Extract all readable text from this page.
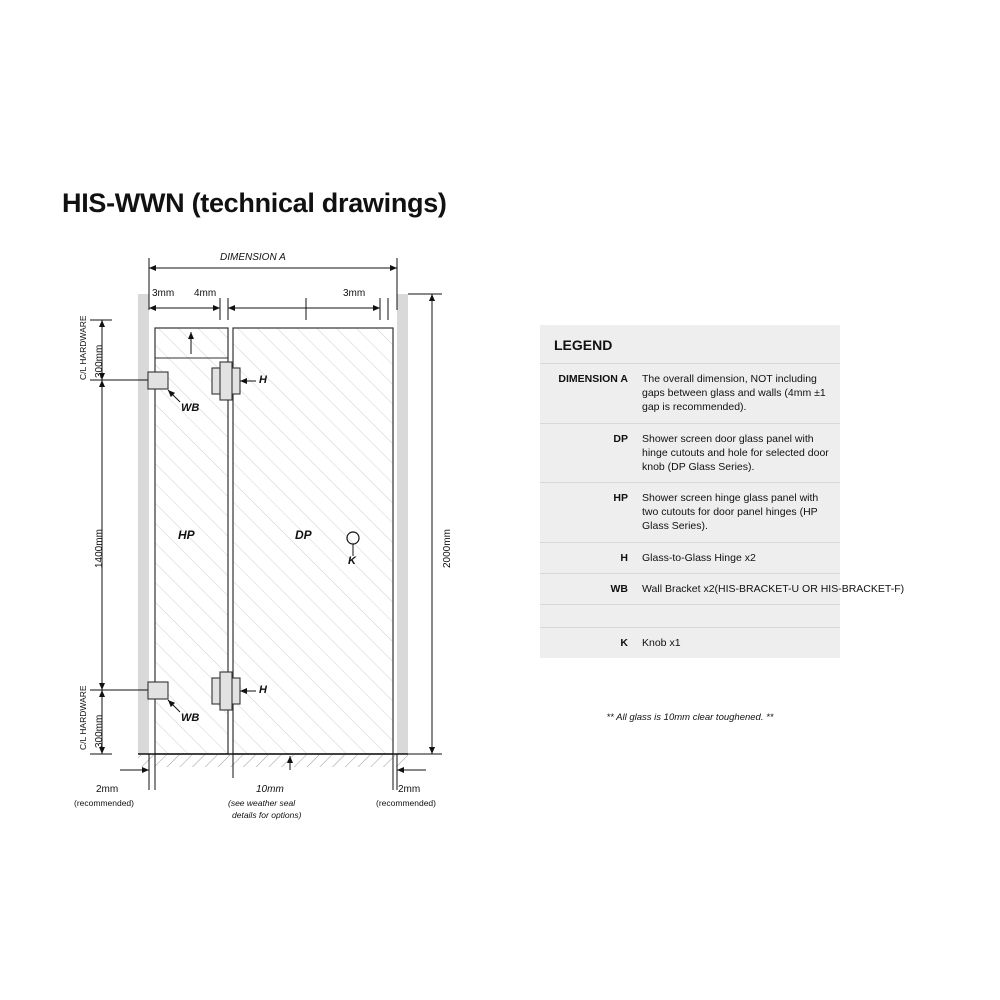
HIS-WWN (technical drawings)
DIMENSION A
3mm 4mm	3mm
2000mm
C/L HARDWARE 300mm
1400mm
C/L HARDWARE 300mm
HP	DP
H
H
WB
WB
K
2mm
(recommended)
10mm
(see weather seal
details for options)
2mm
(recommended)
LEGEND
DIMENSION A	The overall dimension, NOT including gaps between glass and walls (4mm ±1 gap is recommended).
DP	Shower screen door glass panel with hinge cutouts and hole for selected door knob (DP Glass Series).
HP	Shower screen hinge glass panel with two cutouts for door panel hinges (HP Glass Series).
H	Glass-to-Glass Hinge x2
WB	Wall Bracket x2(HIS-BRACKET-U OR HIS-BRACKET-F)
K	Knob x1
** All glass is 10mm clear toughened. **
